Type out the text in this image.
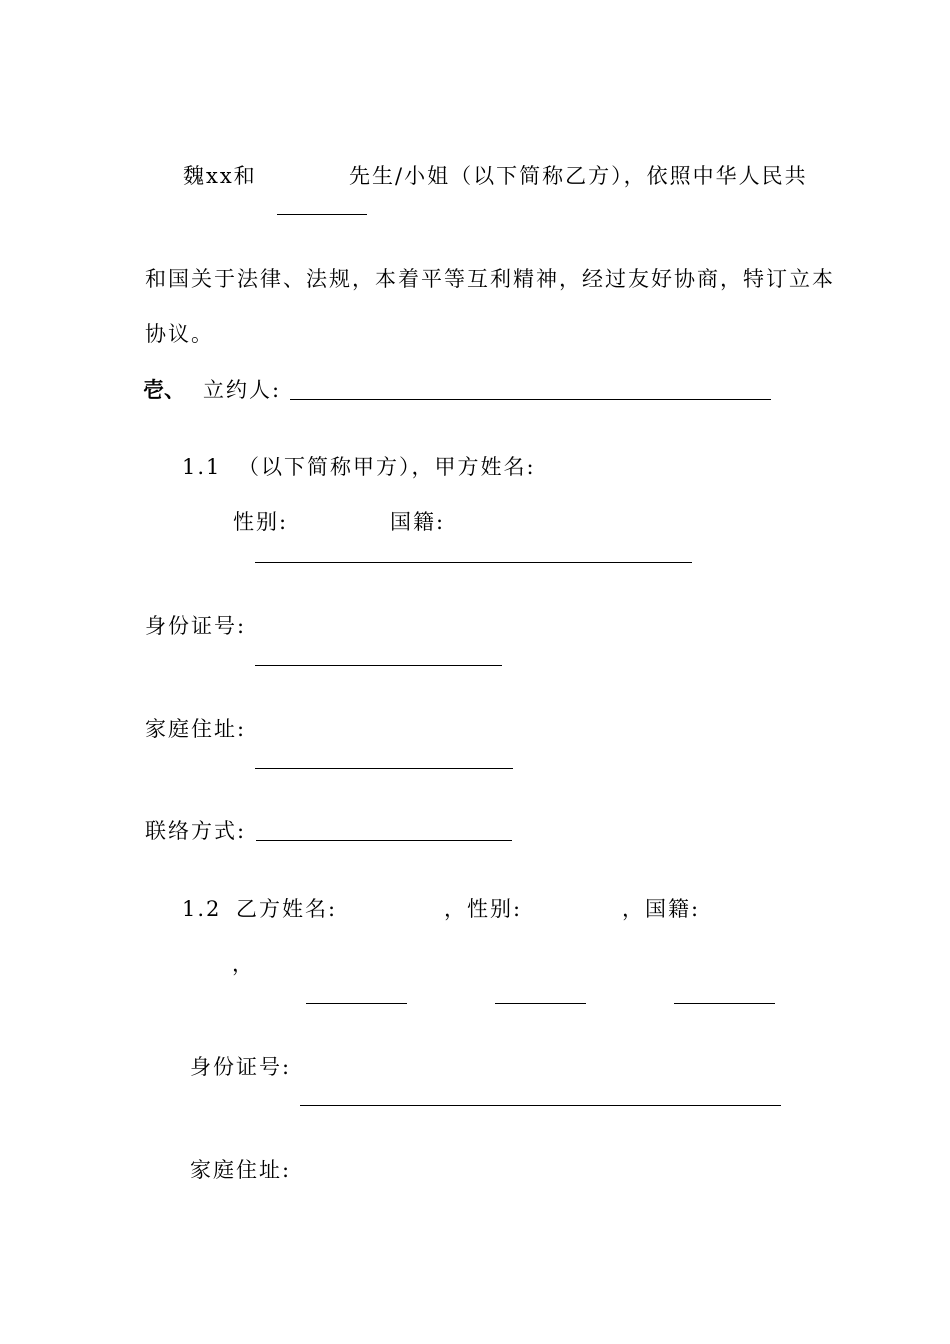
魏xx和	先生/小姐（以下简称乙方），依照中华人民共
和国关于法律、法规，本着平等互利精神，经过友好协商，特订立本
协议。
壱、 立约人:
1.1 （以下简称甲方），甲方姓名:
性别:	国籍:
身份证号:
家庭住址:
联络方式:
1.2 乙方姓名:	，性别:	，国籍:
，
身份证号:
家庭住址:
